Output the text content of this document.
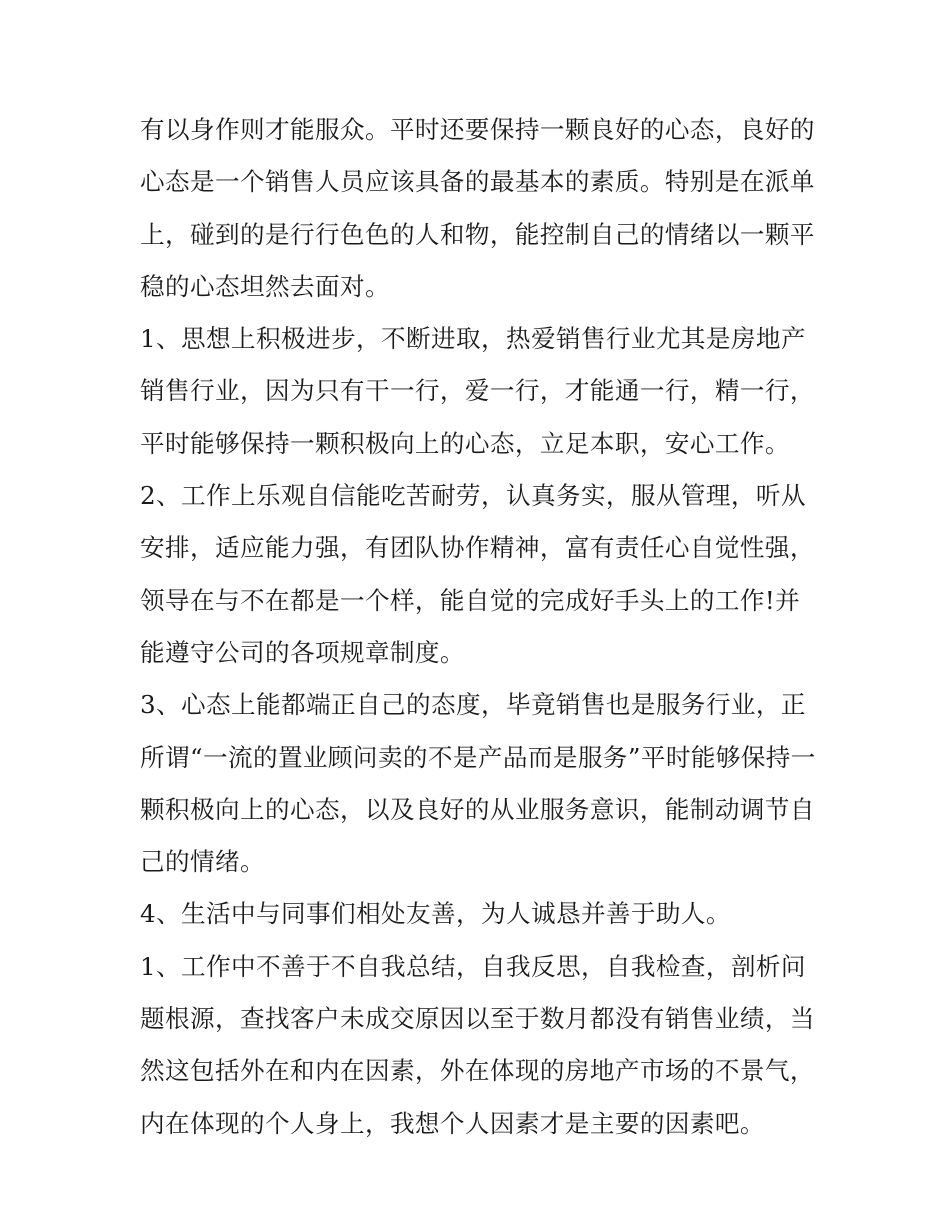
有以身作则才能服众。平时还要保持一颗良好的心态，良好的
心态是一个销售人员应该具备的最基本的素质。特别是在派单
上，碰到的是行行色色的人和物，能控制自己的情绪以一颗平
稳的心态坦然去面对。
1、思想上积极进步，不断进取，热爱销售行业尤其是房地产
销售行业，因为只有干一行，爱一行，才能通一行，精一行，
平时能够保持一颗积极向上的心态，立足本职，安心工作。
2、工作上乐观自信能吃苦耐劳，认真务实，服从管理，听从
安排，适应能力强，有团队协作精神，富有责任心自觉性强，
领导在与不在都是一个样，能自觉的完成好手头上的工作!并
能遵守公司的各项规章制度。
3、心态上能都端正自己的态度，毕竟销售也是服务行业，正
所谓“一流的置业顾问卖的不是产品而是服务”平时能够保持一
颗积极向上的心态，以及良好的从业服务意识，能制动调节自
己的情绪。
4、生活中与同事们相处友善，为人诚恳并善于助人。
1、工作中不善于不自我总结，自我反思，自我检查，剖析问
题根源，查找客户未成交原因以至于数月都没有销售业绩，当
然这包括外在和内在因素，外在体现的房地产市场的不景气，
内在体现的个人身上，我想个人因素才是主要的因素吧。
